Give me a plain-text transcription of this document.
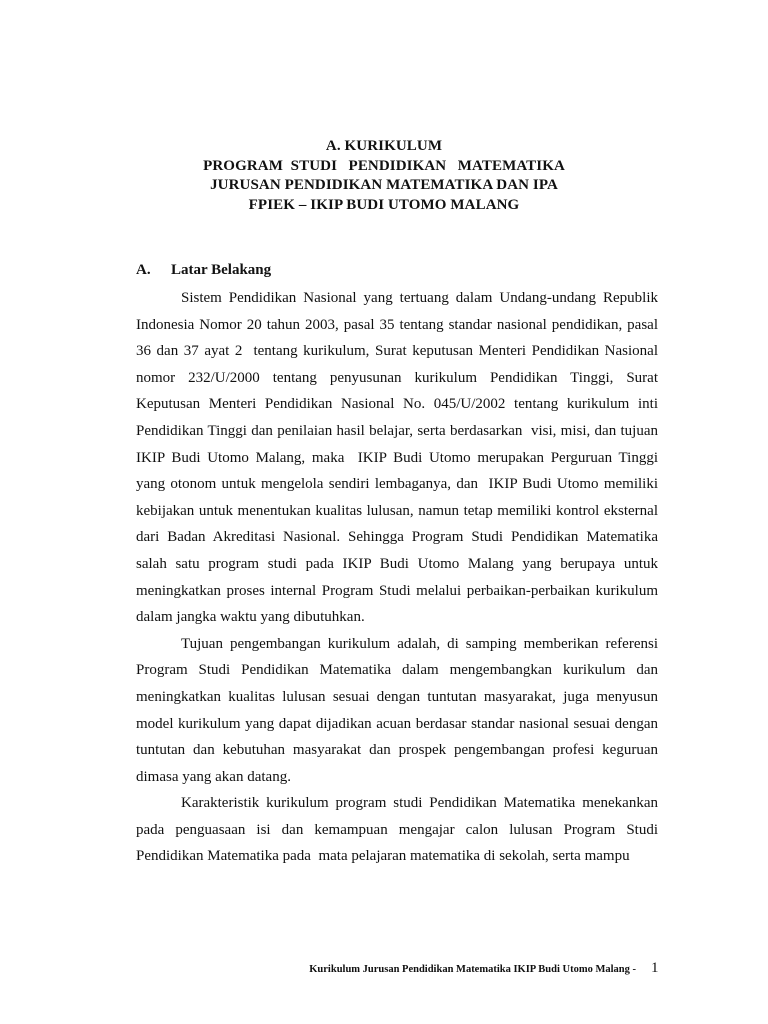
A. KURIKULUM
PROGRAM  STUDI   PENDIDIKAN   MATEMATIKA
JURUSAN PENDIDIKAN MATEMATIKA DAN IPA
FPIEK – IKIP BUDI UTOMO MALANG
A. Latar Belakang

Sistem Pendidikan Nasional yang tertuang dalam Undang-undang Republik Indonesia Nomor 20 tahun 2003, pasal 35 tentang standar nasional pendidikan, pasal 36 dan 37 ayat 2  tentang kurikulum, Surat keputusan Menteri Pendidikan Nasional nomor 232/U/2000 tentang penyusunan kurikulum Pendidikan Tinggi, Surat Keputusan Menteri Pendidikan Nasional No. 045/U/2002 tentang kurikulum inti Pendidikan Tinggi dan penilaian hasil belajar, serta berdasarkan  visi, misi, dan tujuan IKIP Budi Utomo Malang, maka  IKIP Budi Utomo merupakan Perguruan Tinggi yang otonom untuk mengelola sendiri lembaganya, dan  IKIP Budi Utomo memiliki kebijakan untuk menentukan kualitas lulusan, namun tetap memiliki kontrol eksternal dari Badan Akreditasi Nasional. Sehingga Program Studi Pendidikan Matematika salah satu program studi pada IKIP Budi Utomo Malang yang berupaya untuk meningkatkan proses internal Program Studi melalui perbaikan-perbaikan kurikulum dalam jangka waktu yang dibutuhkan.

Tujuan pengembangan kurikulum adalah, di samping memberikan referensi Program Studi Pendidikan Matematika dalam mengembangkan kurikulum dan meningkatkan kualitas lulusan sesuai dengan tuntutan masyarakat, juga menyusun model kurikulum yang dapat dijadikan acuan berdasar standar nasional sesuai dengan tuntutan dan kebutuhan masyarakat dan prospek pengembangan profesi keguruan dimasa yang akan datang.

Karakteristik kurikulum program studi Pendidikan Matematika menekankan pada penguasaan isi dan kemampuan mengajar calon lulusan Program Studi Pendidikan Matematika pada  mata pelajaran matematika di sekolah, serta mampu

Kurikulum Jurusan Pendidikan Matematika IKIP Budi Utomo Malang - 1
